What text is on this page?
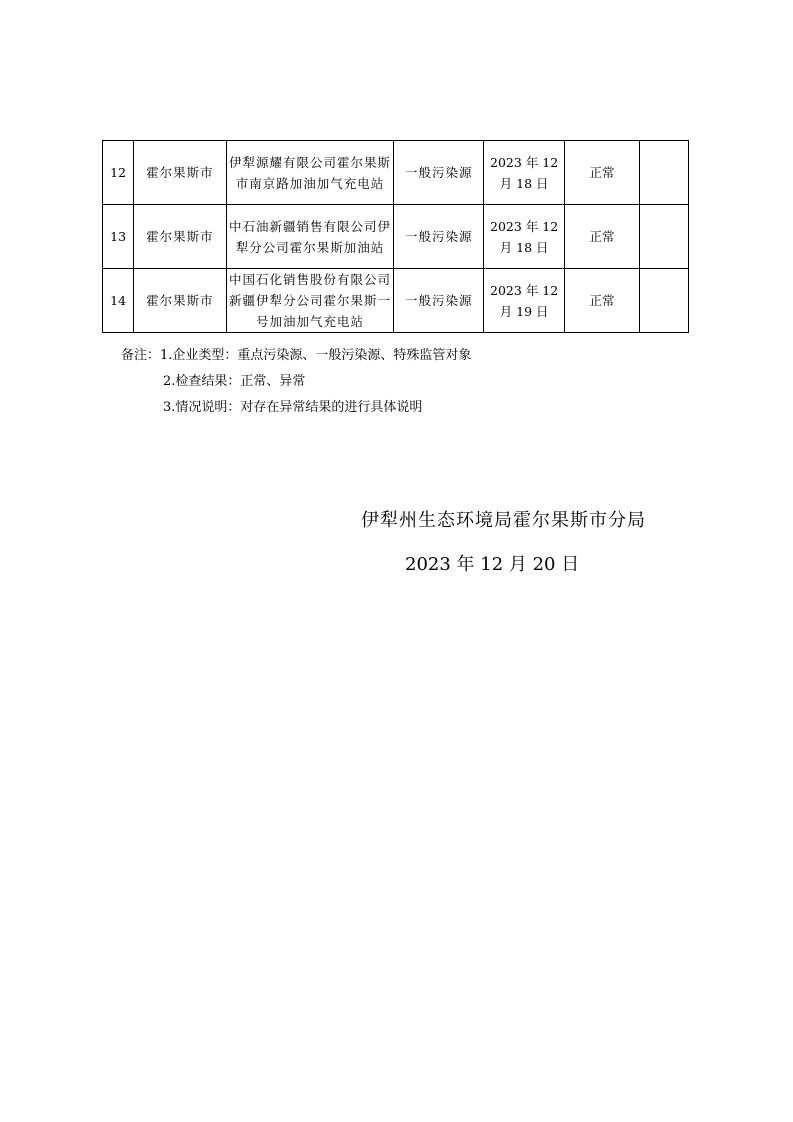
12	霍尔果斯市	伊犁源耀有限公司霍尔果斯市南京路加油加气充电站	一般污染源	2023 年 12 月 18 日	正常	
13	霍尔果斯市	中石油新疆销售有限公司伊犁分公司霍尔果斯加油站	一般污染源	2023 年 12 月 18 日	正常	
14	霍尔果斯市	中国石化销售股份有限公司新疆伊犁分公司霍尔果斯一号加油加气充电站	一般污染源	2023 年 12 月 19 日	正常	
备注：1.企业类型：重点污染源、一般污染源、特殊监管对象
2.检查结果：正常、异常
3.情况说明：对存在异常结果的进行具体说明
伊犁州生态环境局霍尔果斯市分局
2023 年 12 月 20 日
